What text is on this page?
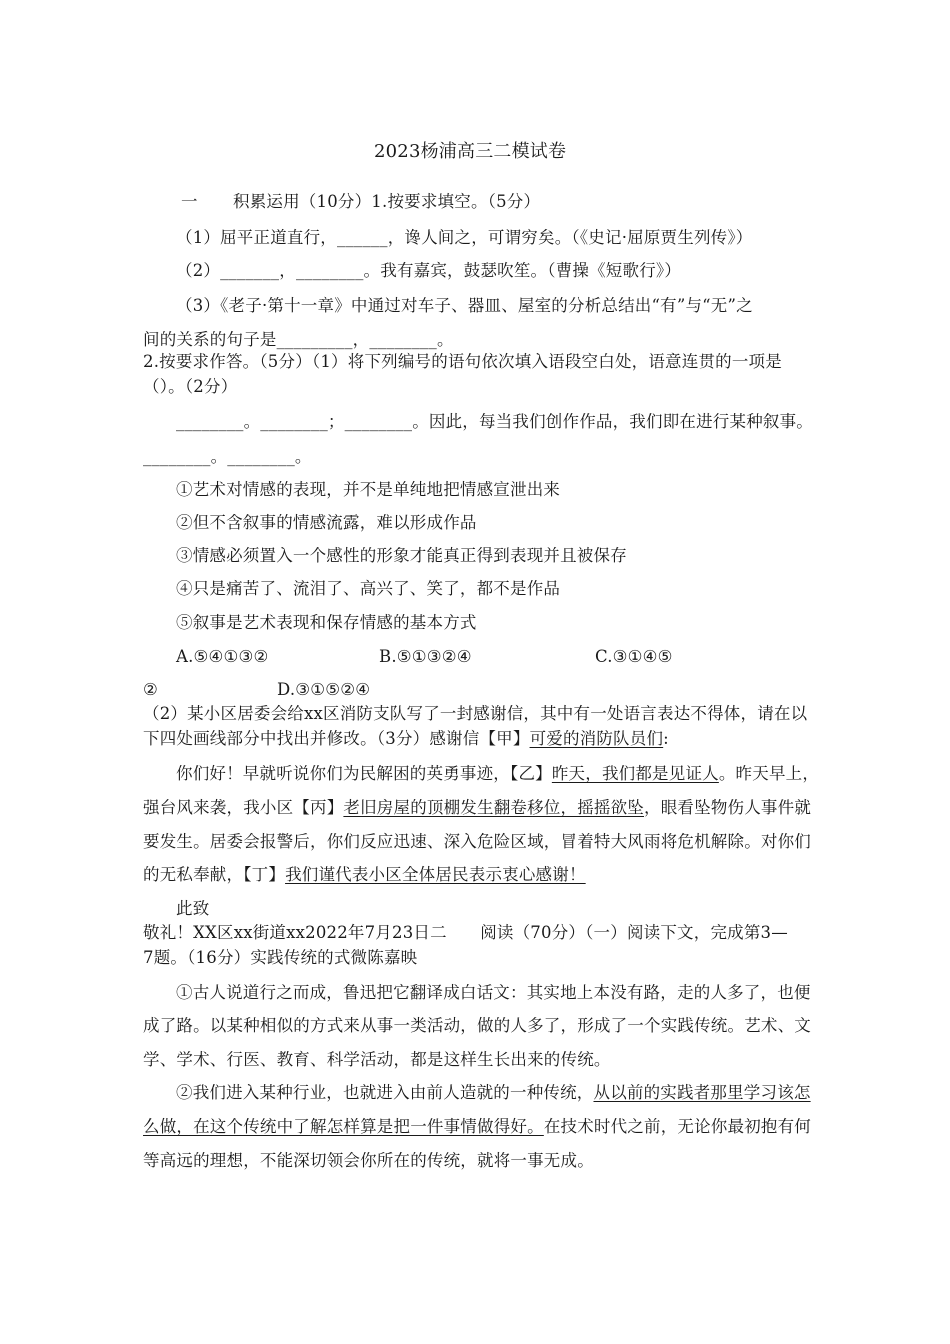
2023杨浦高三二模试卷
一 积累运用（10分）1.按要求填空。（5分）
（1）屈平正道直行，______，谗人间之，可谓穷矣。（《史记·屈原贾生列传》）
（2）_______，________。我有嘉宾，鼓瑟吹笙。（曹操《短歌行》）
（3）《老子·第十一章》中通过对车子、器皿、屋室的分析总结出“有”与“无”之
间的关系的句子是_________，________。
2.按要求作答。（5分）（1）将下列编号的语句依次填入语段空白处，语意连贯的一项是
（）。（2分）
________。________；________。因此，每当我们创作作品，我们即在进行某种叙事。
________。________。
①艺术对情感的表现，并不是单纯地把情感宣泄出来
②但不含叙事的情感流露，难以形成作品
③情感必须置入一个感性的形象才能真正得到表现并且被保存
④只是痛苦了、流泪了、高兴了、笑了，都不是作品
⑤叙事是艺术表现和保存情感的基本方式
A.⑤④①③②	B.⑤①③②④	C.③①④⑤
②	D.③①⑤②④
（2）某小区居委会给xx区消防支队写了一封感谢信，其中有一处语言表达不得体，请在以
下四处画线部分中找出并修改。（3分）感谢信【甲】可爱的消防队员们:
你们好！早就听说你们为民解困的英勇事迹，【乙】昨天，我们都是见证人。昨天早上，
强台风来袭，我小区【丙】老旧房屋的顶棚发生翻卷移位，摇摇欲坠，眼看坠物伤人事件就
要发生。居委会报警后，你们反应迅速、深入危险区域，冒着特大风雨将危机解除。对你们
的无私奉献，【丁】我们谨代表小区全体居民表示衷心感谢！
此致
敬礼！XX区xx街道xx2022年7月23日二　　阅读（70分）（一）阅读下文，完成第3—
7题。（16分）实践传统的式微陈嘉映
①古人说道行之而成，鲁迅把它翻译成白话文：其实地上本没有路，走的人多了，也便
成了路。以某种相似的方式来从事一类活动，做的人多了，形成了一个实践传统。艺术、文
学、学术、行医、教育、科学活动，都是这样生长出来的传统。
②我们进入某种行业，也就进入由前人造就的一种传统，从以前的实践者那里学习该怎
么做，在这个传统中了解怎样算是把一件事情做得好。在技术时代之前，无论你最初抱有何
等高远的理想，不能深切领会你所在的传统，就将一事无成。
